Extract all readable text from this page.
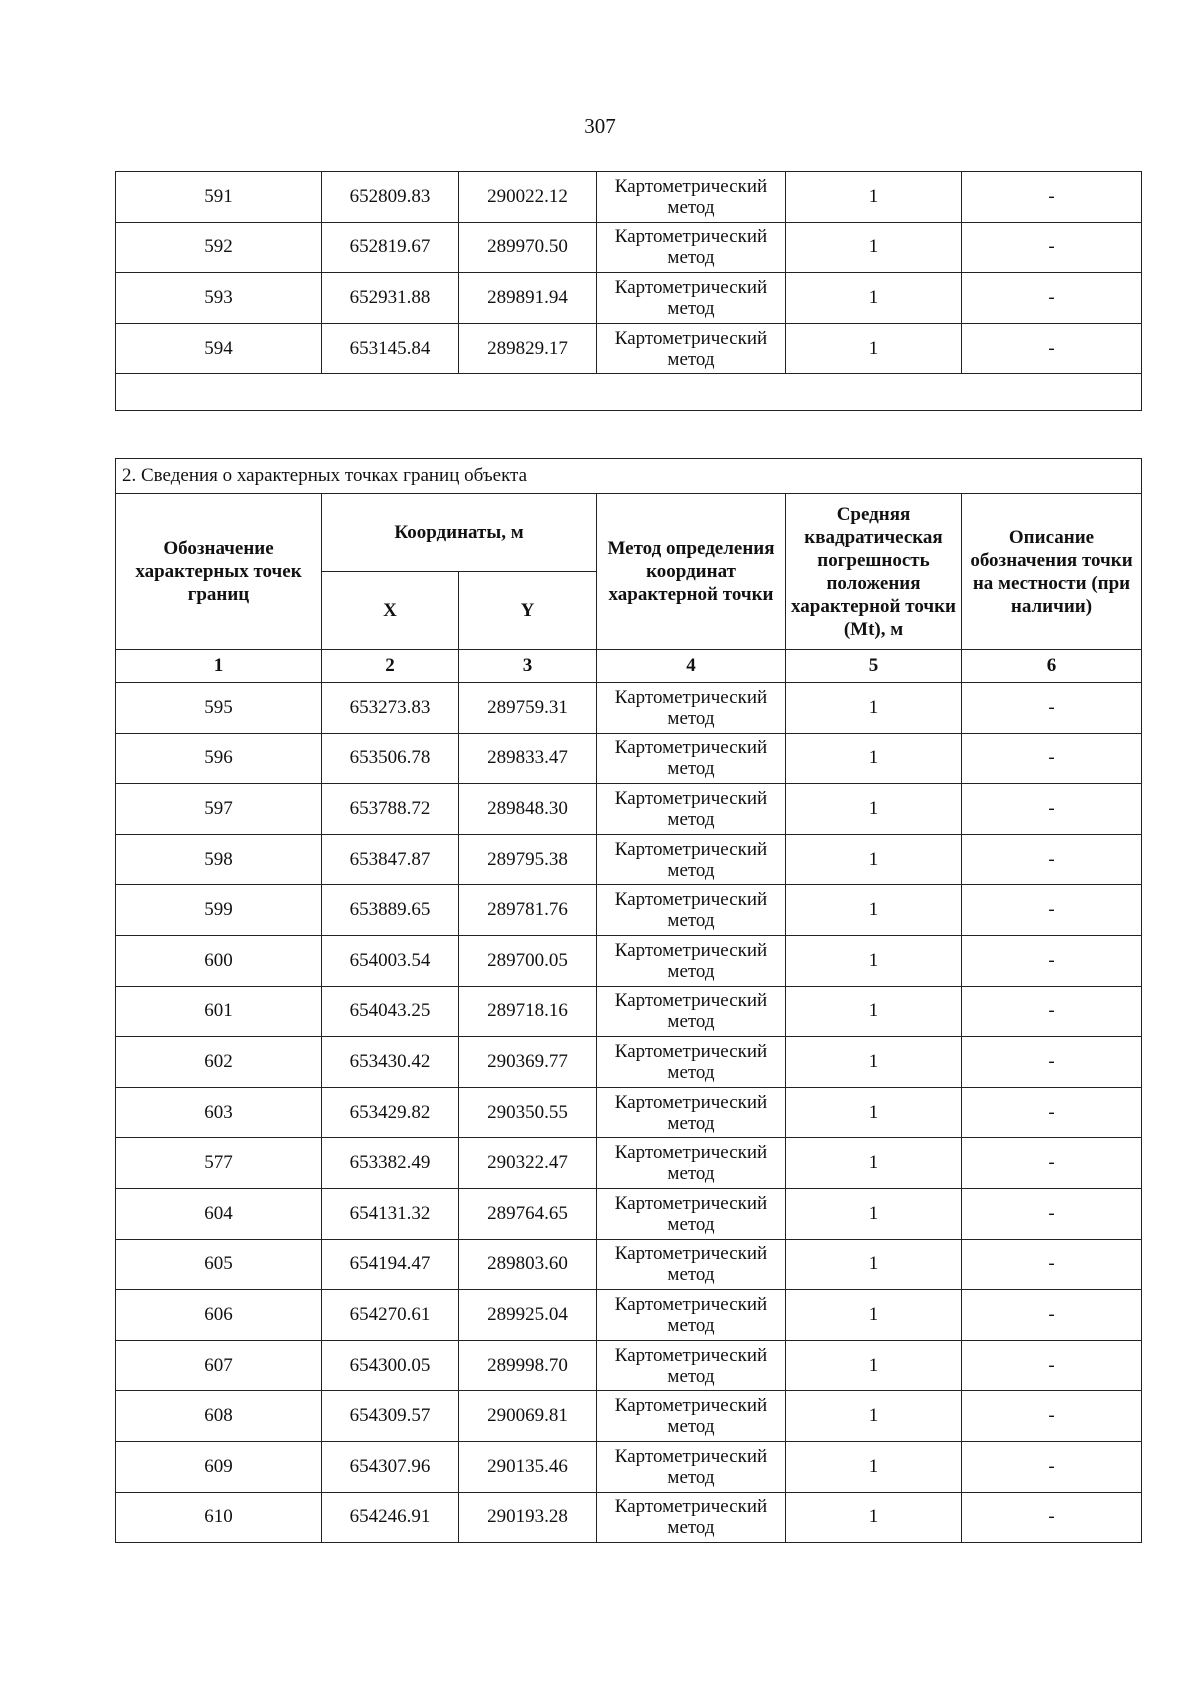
307
591	652809.83	290022.12	Картометрический метод	1	-
592	652819.67	289970.50	Картометрический метод	1	-
593	652931.88	289891.94	Картометрический метод	1	-
594	653145.84	289829.17	Картометрический метод	1	-

2. Сведения о характерных точках границ объекта					
Обозначение характерных точек границ	Координаты, м		Метод определения координат характерной точки	Средняя квадратическая погрешность положения характерной точки (Mt), м	Описание обозначения точки на местности (при наличии)
	X	Y			
1	2	3	4	5	6
595	653273.83	289759.31	Картометрический метод	1	-
596	653506.78	289833.47	Картометрический метод	1	-
597	653788.72	289848.30	Картометрический метод	1	-
598	653847.87	289795.38	Картометрический метод	1	-
599	653889.65	289781.76	Картометрический метод	1	-
600	654003.54	289700.05	Картометрический метод	1	-
601	654043.25	289718.16	Картометрический метод	1	-
602	653430.42	290369.77	Картометрический метод	1	-
603	653429.82	290350.55	Картометрический метод	1	-
577	653382.49	290322.47	Картометрический метод	1	-
604	654131.32	289764.65	Картометрический метод	1	-
605	654194.47	289803.60	Картометрический метод	1	-
606	654270.61	289925.04	Картометрический метод	1	-
607	654300.05	289998.70	Картометрический метод	1	-
608	654309.57	290069.81	Картометрический метод	1	-
609	654307.96	290135.46	Картометрический метод	1	-
610	654246.91	290193.28	Картометрический метод	1	-
